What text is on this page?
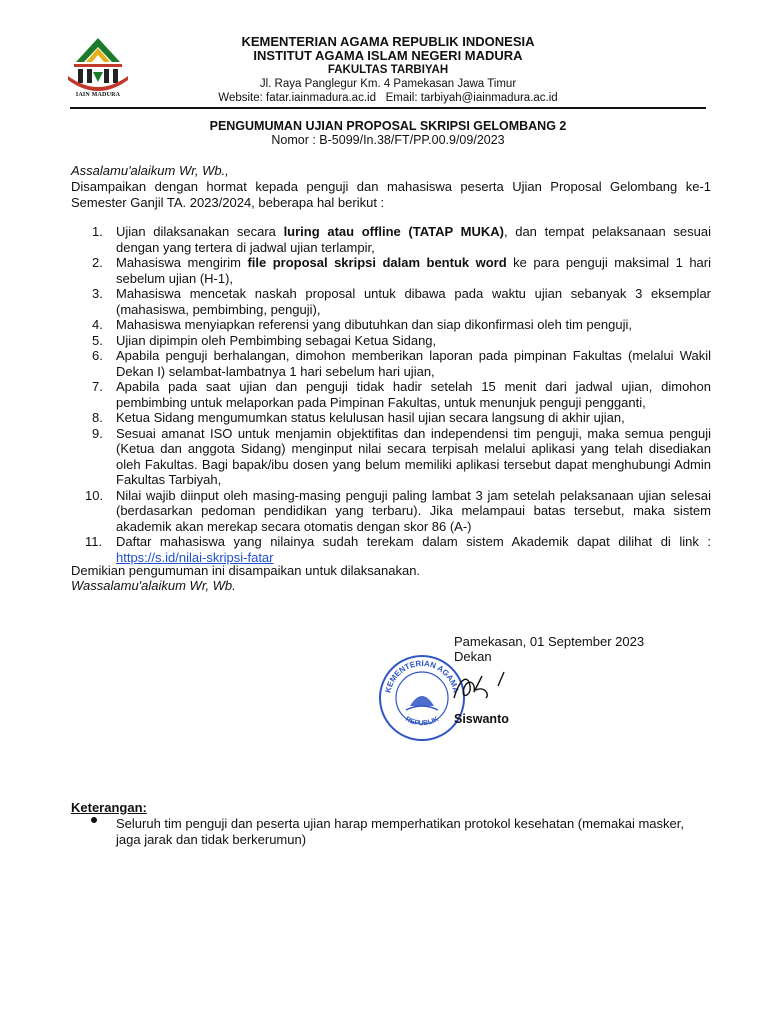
IAIN MADURA
KEMENTERIAN AGAMA REPUBLIK INDONESIA
INSTITUT AGAMA ISLAM NEGERI MADURA
FAKULTAS TARBIYAH
Jl. Raya Panglegur Km. 4 Pamekasan Jawa Timur
Website: fatar.iainmadura.ac.id Email: tarbiyah@iainmadura.ac.id
PENGUMUMAN UJIAN PROPOSAL SKRIPSI GELOMBANG 2
Nomor : B-5099/In.38/FT/PP.00.9/09/2023
Assalamu'alaikum Wr, Wb.,
Disampaikan dengan hormat kepada penguji dan mahasiswa peserta Ujian Proposal Gelombang ke-1 Semester Ganjil TA. 2023/2024, beberapa hal berikut :
1.	Ujian dilaksanakan secara luring atau offline (TATAP MUKA), dan tempat pelaksanaan sesuai dengan yang tertera di jadwal ujian terlampir,
2.	Mahasiswa mengirim file proposal skripsi dalam bentuk word ke para penguji maksimal 1 hari sebelum ujian (H-1),
3.	Mahasiswa mencetak naskah proposal untuk dibawa pada waktu ujian sebanyak 3 eksemplar (mahasiswa, pembimbing, penguji),
4.	Mahasiswa menyiapkan referensi yang dibutuhkan dan siap dikonfirmasi oleh tim penguji,
5.	Ujian dipimpin oleh Pembimbing sebagai Ketua Sidang,
6.	Apabila penguji berhalangan, dimohon memberikan laporan pada pimpinan Fakultas (melalui Wakil Dekan I) selambat-lambatnya 1 hari sebelum hari ujian,
7.	Apabila pada saat ujian dan penguji tidak hadir setelah 15 menit dari jadwal ujian, dimohon pembimbing untuk melaporkan pada Pimpinan Fakultas, untuk menunjuk penguji pengganti,
8.	Ketua Sidang mengumumkan status kelulusan hasil ujian secara langsung di akhir ujian,
9.	Sesuai amanat ISO untuk menjamin objektifitas dan independensi tim penguji, maka semua penguji (Ketua dan anggota Sidang) menginput nilai secara terpisah melalui aplikasi yang telah disediakan oleh Fakultas. Bagi bapak/ibu dosen yang belum memiliki aplikasi tersebut dapat menghubungi Admin Fakultas Tarbiyah,
10. Nilai wajib diinput oleh masing-masing penguji paling lambat 3 jam setelah pelaksanaan ujian selesai (berdasarkan pedoman pendidikan yang terbaru). Jika melampaui batas tersebut, maka sistem akademik akan merekap secara otomatis dengan skor 86 (A-)
11.	Daftar mahasiswa yang nilainya sudah terekam dalam sistem Akademik dapat dilihat di link : https://s.id/nilai-skripsi-fatar
Demikian pengumuman ini disampaikan untuk dilaksanakan.
Wassalamu'alaikum Wr, Wb.
Pamekasan, 01 September 2023
Dekan
KEMENTERIAN AGAMA
REPUBLIK Siswanto
Keterangan:
Seluruh tim penguji dan peserta ujian harap memperhatikan protokol kesehatan (memakai masker, jaga jarak dan tidak berkerumun)
